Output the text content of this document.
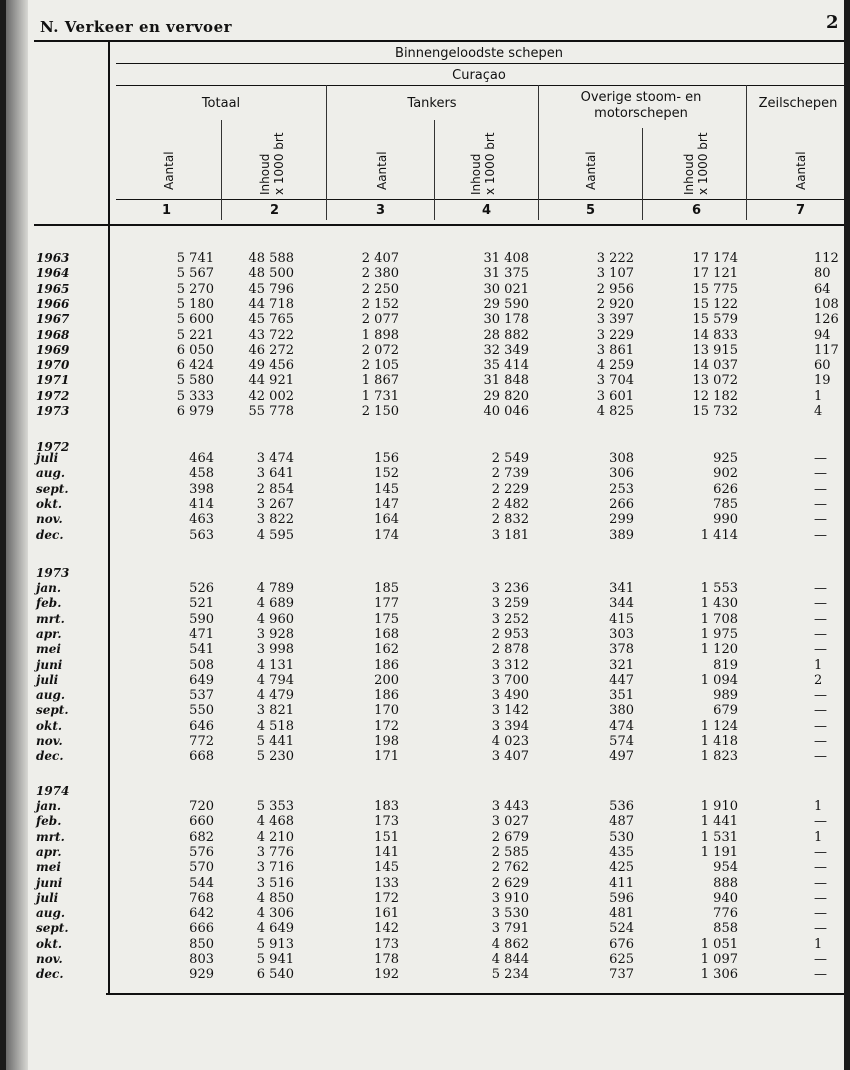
N. Verkeer en vervoer	2
Binnengeloodste schepen
Curaçao
Totaal	Tankers	Overige stoom- en motorschepen
Zeilschepen
Aantal	Inhoud x 1000 brt	Aantal	Inhoud x 1000 brt	Aantal	Inhoud x 1000 brt	Aantal
1	2	3	4	5	6	7
1963	5 741	48 588	2 407	31 408	3 222	17 174	112
1964	5 567	48 500	2 380	31 375	3 107	17 121	80
1965	5 270	45 796	2 250	30 021	2 956	15 775	64
1966	5 180	44 718	2 152	29 590	2 920	15 122	108
1967	5 600	45 765	2 077	30 178	3 397	15 579	126
1968	5 221	43 722	1 898	28 882	3 229	14 833	94
1969	6 050	46 272	2 072	32 349	3 861	13 915	117
1970	6 424	49 456	2 105	35 414	4 259	14 037	60
1971	5 580	44 921	1 867	31 848	3 704	13 072	19
1972	5 333	42 002	1 731	29 820	3 601	12 182	1
1973	6 979	55 778	2 150	40 046	4 825	15 732	4
1972
juli	464	3 474	156	2 549	308	925	—
aug.	458	3 641	152	2 739	306	902	—
sept.	398	2 854	145	2 229	253	626	—
okt.	414	3 267	147	2 482	266	785	—
nov.	463	3 822	164	2 832	299	990	—
dec.	563	4 595	174	3 181	389	1 414	—
1973
jan.	526	4 789	185	3 236	341	1 553	—
feb.	521	4 689	177	3 259	344	1 430	—
mrt.	590	4 960	175	3 252	415	1 708	—
apr.	471	3 928	168	2 953	303	1 975	—
mei	541	3 998	162	2 878	378	1 120	—
juni	508	4 131	186	3 312	321	819	1
juli	649	4 794	200	3 700	447	1 094	2
aug.	537	4 479	186	3 490	351	989	—
sept.	550	3 821	170	3 142	380	679	—
okt.	646	4 518	172	3 394	474	1 124	—
nov.	772	5 441	198	4 023	574	1 418	—
dec.	668	5 230	171	3 407	497	1 823	—
1974
jan.	720	5 353	183	3 443	536	1 910	1
feb.	660	4 468	173	3 027	487	1 441	—
mrt.	682	4 210	151	2 679	530	1 531	1
apr.	576	3 776	141	2 585	435	1 191	—
mei	570	3 716	145	2 762	425	954	—
juni	544	3 516	133	2 629	411	888	—
juli	768	4 850	172	3 910	596	940	—
aug.	642	4 306	161	3 530	481	776	—
sept.	666	4 649	142	3 791	524	858	—
okt.	850	5 913	173	4 862	676	1 051	1
nov.	803	5 941	178	4 844	625	1 097	—
dec.	929	6 540	192	5 234	737	1 306	—
